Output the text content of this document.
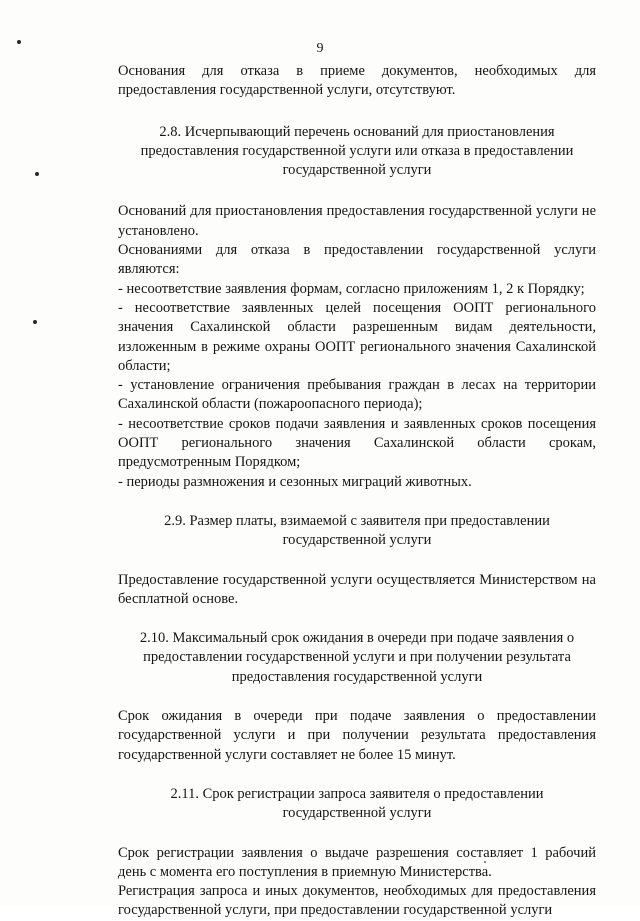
9

Основания для отказа в приеме документов, необходимых для предоставления государственной услуги, отсутствуют.

2.8. Исчерпывающий перечень оснований для приостановления предоставления государственной услуги или отказа в предоставлении государственной услуги

Оснований для приостановления предоставления государственной услуги не установлено.

Основаниями для отказа в предоставлении государственной услуги являются:

- несоответствие заявления формам, согласно приложениям 1, 2 к Порядку;

- несоответствие заявленных целей посещения ООПТ регионального значения Сахалинской области разрешенным видам деятельности, изложенным в режиме охраны ООПТ регионального значения Сахалинской области;

- установление ограничения пребывания граждан в лесах на территории Сахалинской области (пожароопасного периода);

- несоответствие сроков подачи заявления и заявленных сроков посещения ООПТ регионального значения Сахалинской области срокам, предусмотренным Порядком;

- периоды размножения и сезонных миграций животных.

2.9. Размер платы, взимаемой с заявителя при предоставлении государственной услуги

Предоставление государственной услуги осуществляется Министерством на бесплатной основе.

2.10. Максимальный срок ожидания в очереди при подаче заявления о предоставлении государственной услуги и при получении результата предоставления государственной услуги

Срок ожидания в очереди при подаче заявления о предоставлении государственной услуги и при получении результата предоставления государственной услуги составляет не более 15 минут.

2.11. Срок регистрации запроса заявителя о предоставлении государственной услуги

Срок регистрации заявления о выдаче разрешения составляет 1 рабочий день с момента его поступления в приемную Министерства.

Регистрация запроса и иных документов, необходимых для предоставления государственной услуги, при предоставлении государственной услуги
